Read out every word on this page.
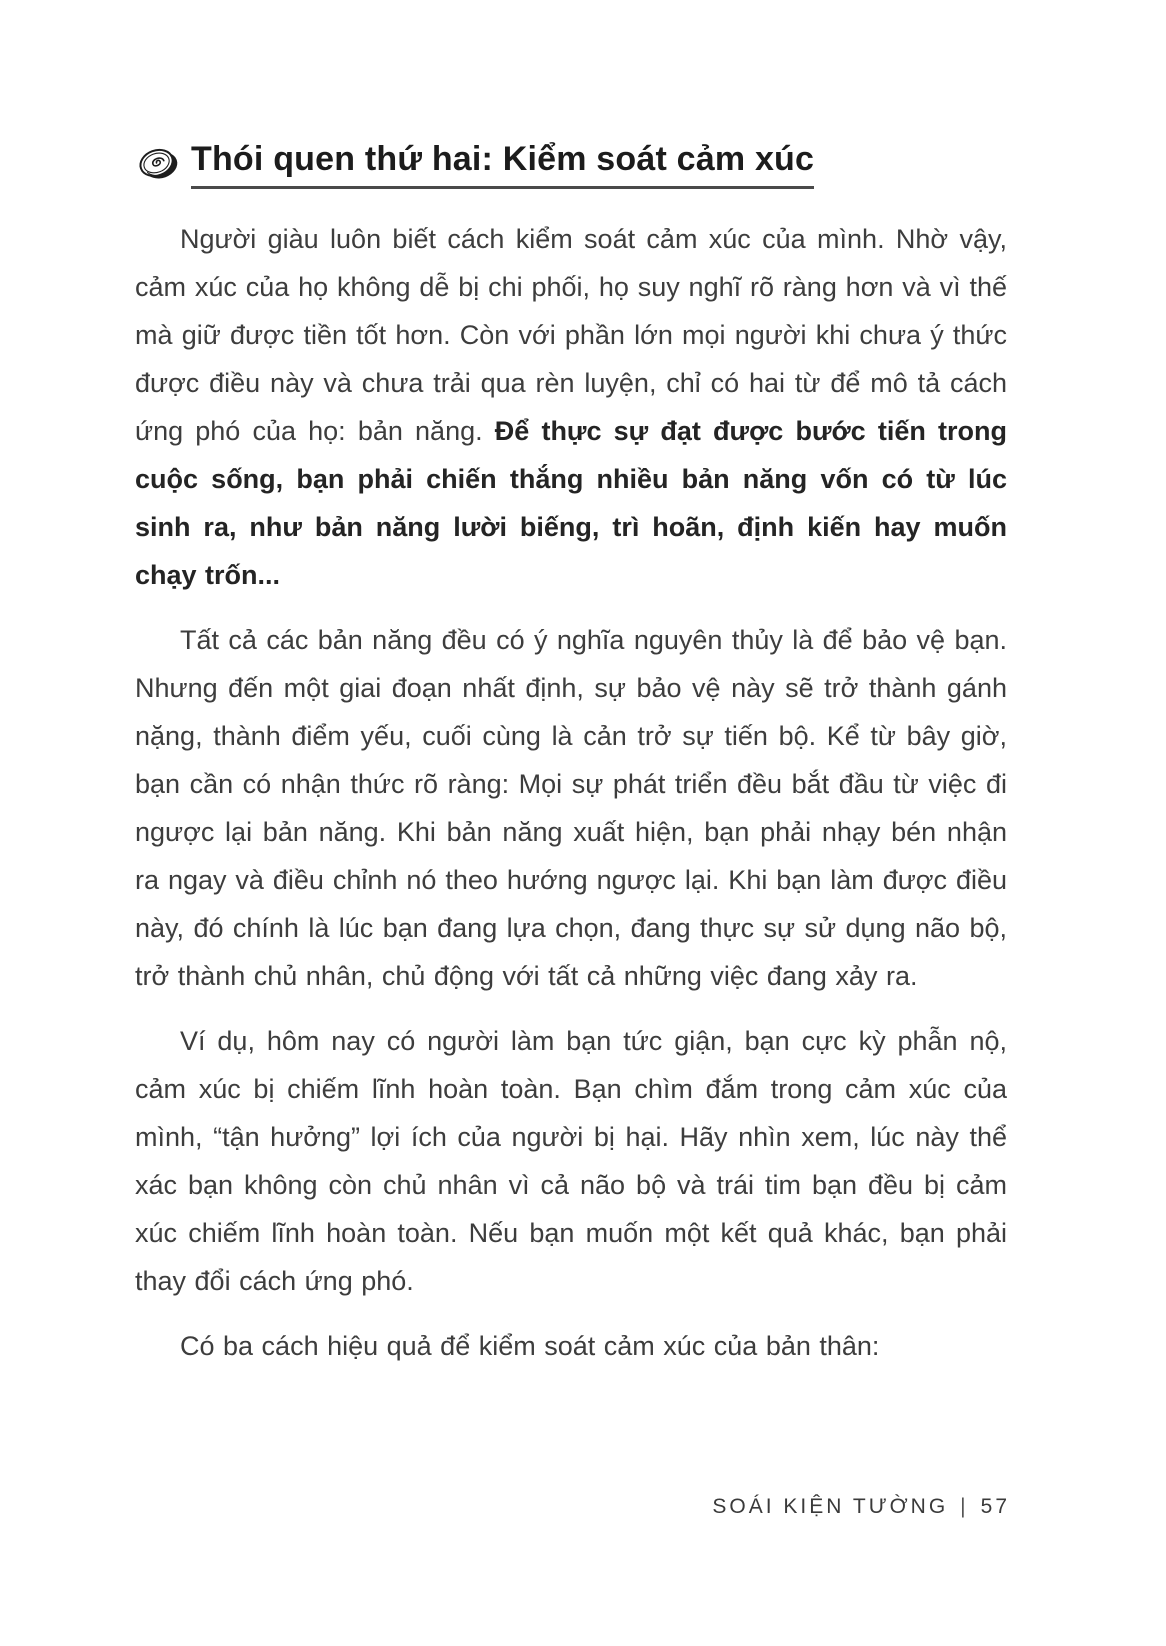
Thói quen thứ hai: Kiểm soát cảm xúc

Người giàu luôn biết cách kiểm soát cảm xúc của mình. Nhờ vậy, cảm xúc của họ không dễ bị chi phối, họ suy nghĩ rõ ràng hơn và vì thế mà giữ được tiền tốt hơn. Còn với phần lớn mọi người khi chưa ý thức được điều này và chưa trải qua rèn luyện, chỉ có hai từ để mô tả cách ứng phó của họ: bản năng. Để thực sự đạt được bước tiến trong cuộc sống, bạn phải chiến thắng nhiều bản năng vốn có từ lúc sinh ra, như bản năng lười biếng, trì hoãn, định kiến hay muốn chạy trốn...

Tất cả các bản năng đều có ý nghĩa nguyên thủy là để bảo vệ bạn. Nhưng đến một giai đoạn nhất định, sự bảo vệ này sẽ trở thành gánh nặng, thành điểm yếu, cuối cùng là cản trở sự tiến bộ. Kể từ bây giờ, bạn cần có nhận thức rõ ràng: Mọi sự phát triển đều bắt đầu từ việc đi ngược lại bản năng. Khi bản năng xuất hiện, bạn phải nhạy bén nhận ra ngay và điều chỉnh nó theo hướng ngược lại. Khi bạn làm được điều này, đó chính là lúc bạn đang lựa chọn, đang thực sự sử dụng não bộ, trở thành chủ nhân, chủ động với tất cả những việc đang xảy ra.

Ví dụ, hôm nay có người làm bạn tức giận, bạn cực kỳ phẫn nộ, cảm xúc bị chiếm lĩnh hoàn toàn. Bạn chìm đắm trong cảm xúc của mình, “tận hưởng” lợi ích của người bị hại. Hãy nhìn xem, lúc này thể xác bạn không còn chủ nhân vì cả não bộ và trái tim bạn đều bị cảm xúc chiếm lĩnh hoàn toàn. Nếu bạn muốn một kết quả khác, bạn phải thay đổi cách ứng phó.

Có ba cách hiệu quả để kiểm soát cảm xúc của bản thân:

SOÁI KIỆN TƯỜNG | 57
